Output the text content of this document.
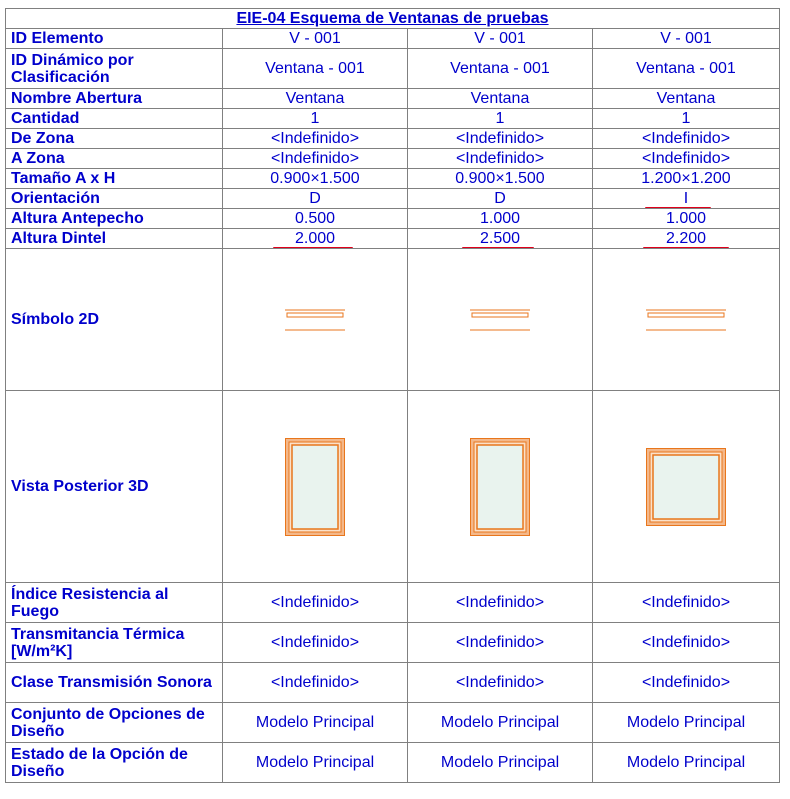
EIE-04 Esquema de Ventanas de pruebas			
ID Elemento	V - 001	V - 001	V - 001
ID Dinámico por Clasificación	Ventana - 001	Ventana - 001	Ventana - 001
Nombre Abertura	Ventana	Ventana	Ventana
Cantidad	1	1	1
De Zona	<Indefinido>	<Indefinido>	<Indefinido>
A Zona	<Indefinido>	<Indefinido>	<Indefinido>
Tamaño A x H	0.900×1.500	0.900×1.500	1.200×1.200
Orientación	D	D	I

Altura Antepecho	0.500	1.000	1.000
Altura Dintel	2.000	2.500	2.200

Símbolo 2D	

Vista Posterior 3D	

Índice Resistencia al Fuego	<Indefinido>	<Indefinido>	<Indefinido>
Transmitancia Térmica [W/m²K]	<Indefinido>	<Indefinido>	<Indefinido>
Clase Transmisión Sonora	<Indefinido>	<Indefinido>	<Indefinido>
Conjunto de Opciones de Diseño	Modelo Principal	Modelo Principal	Modelo Principal
Estado de la Opción de Diseño	Modelo Principal	Modelo Principal	Modelo Principal
